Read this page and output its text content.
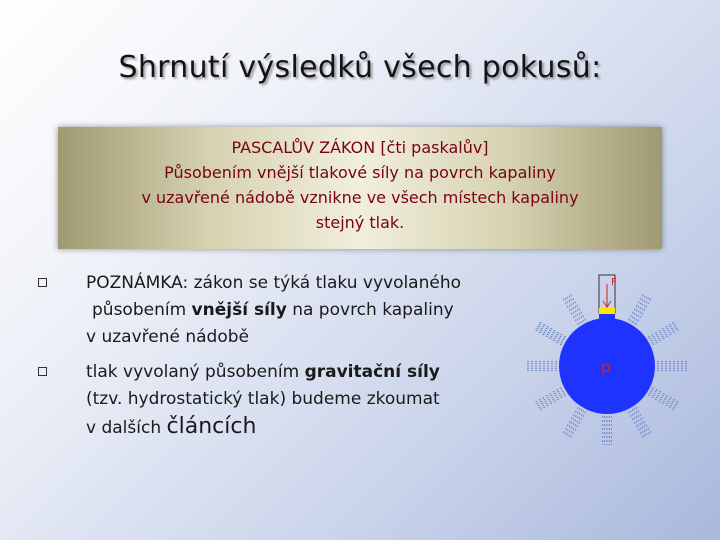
Shrnutí výsledků všech pokusů:
PASCALŮV ZÁKON [čti paskalův]
Působením vnější tlakové síly na povrch kapaliny
v uzavřené nádobě vznikne ve všech místech kapaliny
stejný tlak.
POZNÁMKA: zákon se týká tlaku vyvolaného
působením vnější síly na povrch kapaliny
v uzavřené nádobě
tlak vyvolaný působením gravitační síly
(tzv. hydrostatický tlak) budeme zkoumat
v dalších článcích
F
p
